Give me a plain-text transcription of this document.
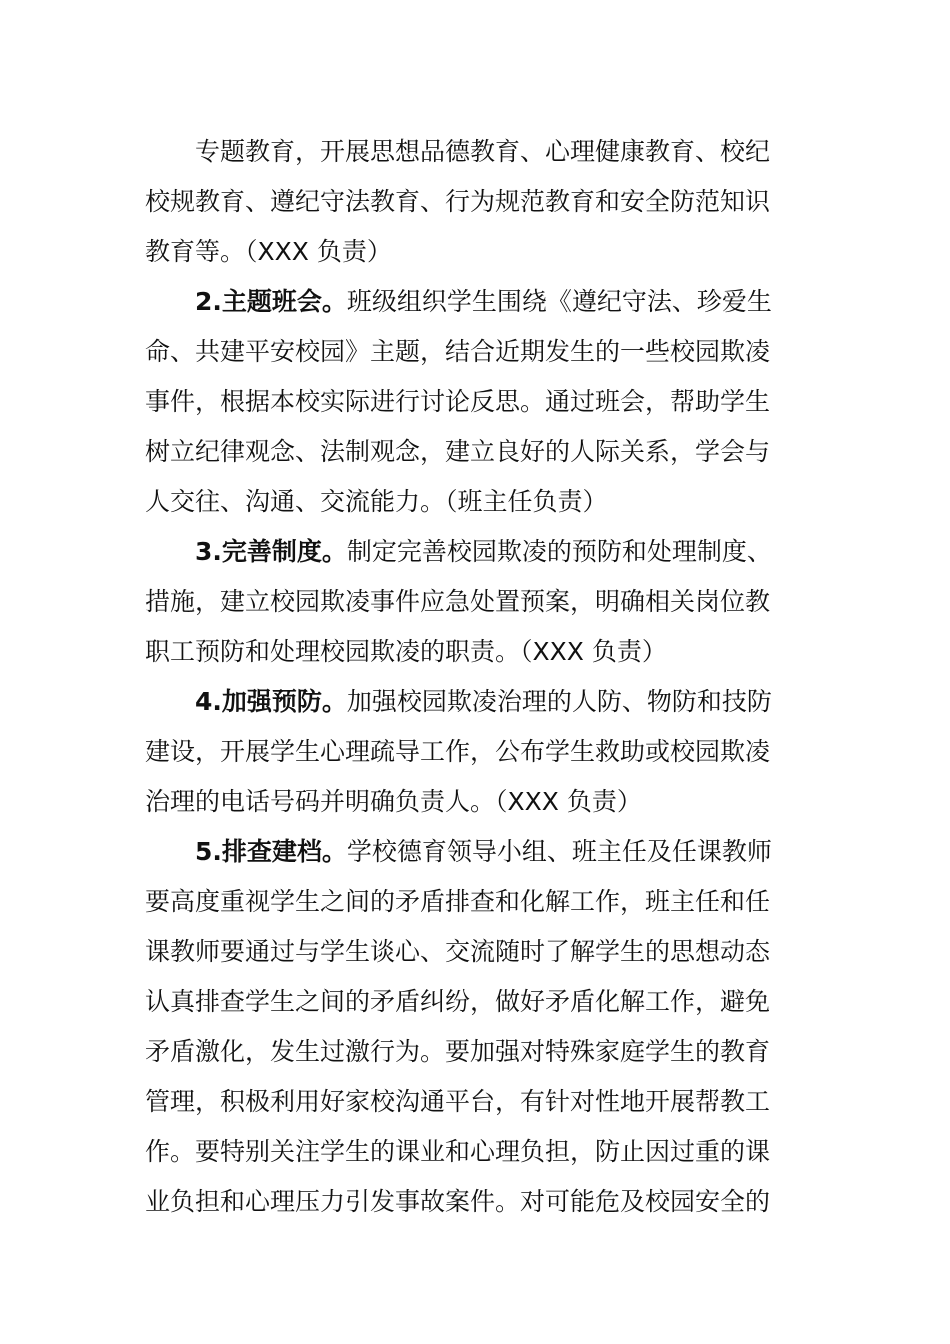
专题教育，开展思想品德教育、心理健康教育、校纪
校规教育、遵纪守法教育、行为规范教育和安全防范知识
教育等。（XXX 负责）
2.主题班会。班级组织学生围绕《遵纪守法、珍爱生
命、共建平安校园》主题，结合近期发生的一些校园欺凌
事件，根据本校实际进行讨论反思。通过班会，帮助学生
树立纪律观念、法制观念，建立良好的人际关系，学会与
人交往、沟通、交流能力。（班主任负责）
3.完善制度。制定完善校园欺凌的预防和处理制度、
措施，建立校园欺凌事件应急处置预案，明确相关岗位教
职工预防和处理校园欺凌的职责。（XXX 负责）
4.加强预防。加强校园欺凌治理的人防、物防和技防
建设，开展学生心理疏导工作，公布学生救助或校园欺凌
治理的电话号码并明确负责人。（XXX 负责）
5.排查建档。学校德育领导小组、班主任及任课教师
要高度重视学生之间的矛盾排查和化解工作，班主任和任
课教师要通过与学生谈心、交流随时了解学生的思想动态
认真排查学生之间的矛盾纠纷，做好矛盾化解工作，避免
矛盾激化，发生过激行为。要加强对特殊家庭学生的教育
管理，积极利用好家校沟通平台，有针对性地开展帮教工
作。要特别关注学生的课业和心理负担，防止因过重的课
业负担和心理压力引发事故案件。对可能危及校园安全的
